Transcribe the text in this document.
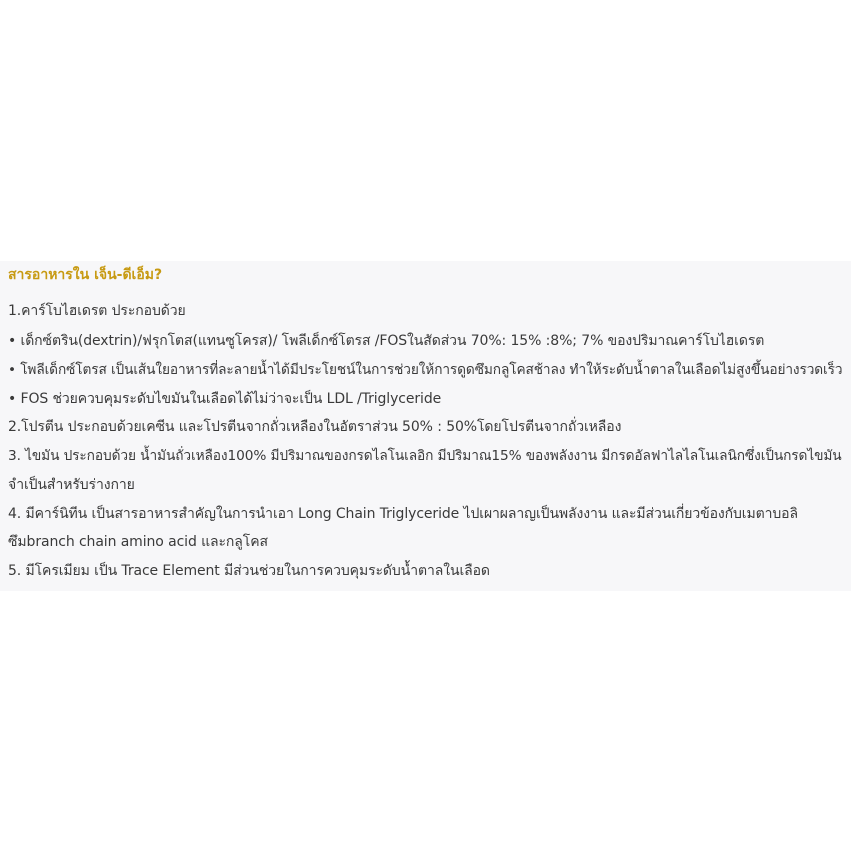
สารอาหารใน เจ็น-ดีเอ็ม?
1.คาร์โบไฮเดรต ประกอบด้วย
• เด็กซ์ตริน(dextrin)/ฟรุกโตส(แทนซูโครส)/ โพลีเด็กซ์โตรส /FOSในสัดส่วน 70%: 15% :8%; 7% ของปริมาณคาร์โบไฮเดรต
• โพลีเด็กซ์โตรส เป็นเส้นใยอาหารที่ละลายน้ำได้มีประโยชน์ในการช่วยให้การดูดซึมกลูโคสช้าลง ทำให้ระดับน้ำตาลในเลือดไม่สูงขึ้นอย่างรวดเร็ว
• FOS ช่วยควบคุมระดับไขมันในเลือดได้ไม่ว่าจะเป็น LDL /Triglyceride
2.โปรตีน ประกอบด้วยเคซีน และโปรตีนจากถั่วเหลืองในอัตราส่วน 50% : 50%โดยโปรตีนจากถั่วเหลือง
3. ไขมัน ประกอบด้วย น้ำมันถั่วเหลือง100% มีปริมาณของกรดไลโนเลอิก มีปริมาณ15% ของพลังงาน มีกรดอัลฟาไลไลโนเลนิกซึ่งเป็นกรดไขมัน
จำเป็นสำหรับร่างกาย
4. มีคาร์นิทีน เป็นสารอาหารสำคัญในการนำเอา Long Chain Triglyceride ไปเผาผลาญเป็นพลังงาน และมีส่วนเกี่ยวข้องกับเมตาบอลิ
ซึมbranch chain amino acid และกลูโคส
5. มีโครเมียม เป็น Trace Element มีส่วนช่วยในการควบคุมระดับน้ำตาลในเลือด
